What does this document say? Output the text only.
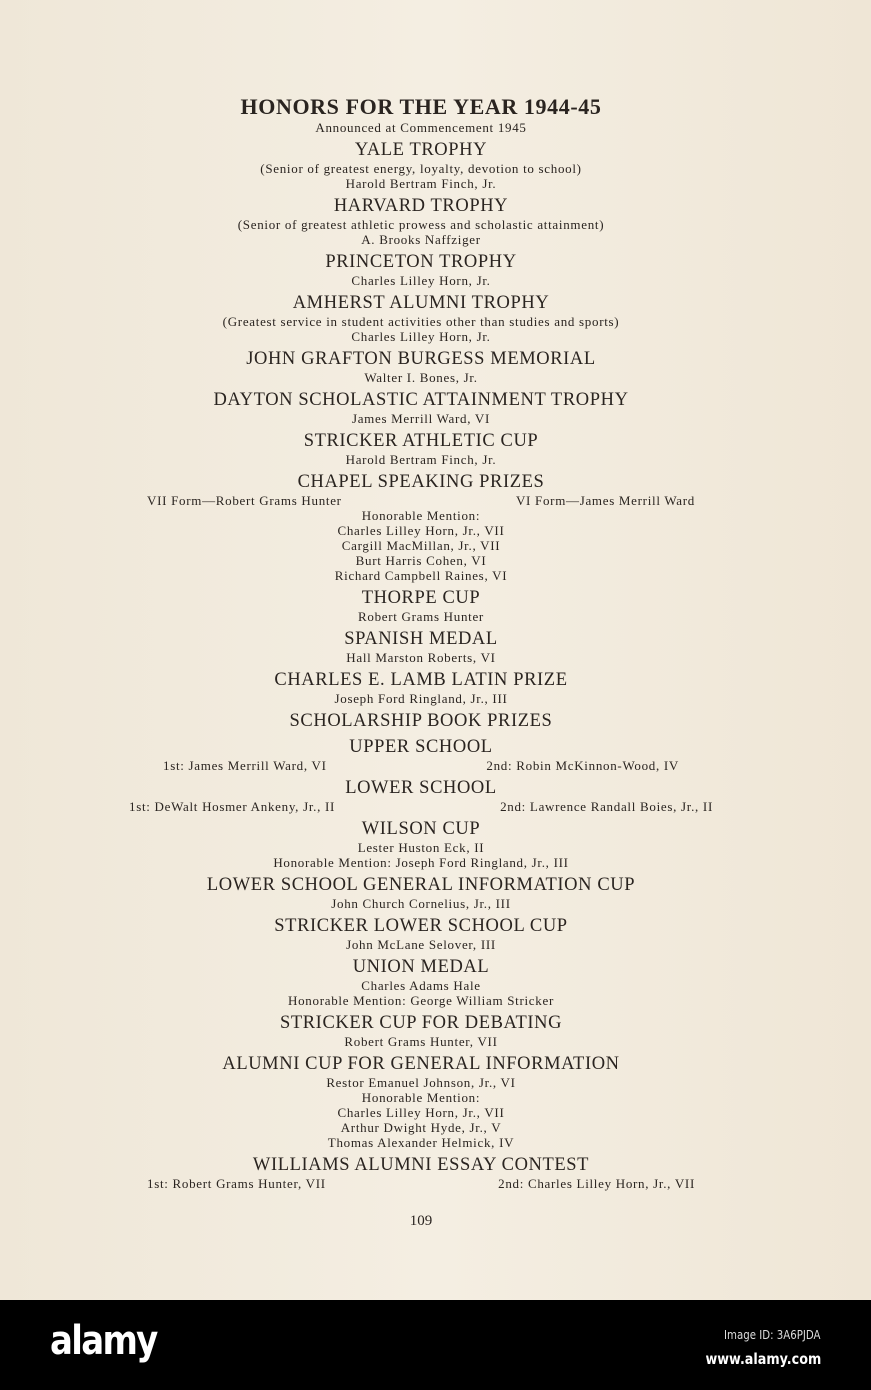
HONORS FOR THE YEAR 1944-45
Announced at Commencement 1945
YALE TROPHY
(Senior of greatest energy, loyalty, devotion to school)
Harold Bertram Finch, Jr.
HARVARD TROPHY
(Senior of greatest athletic prowess and scholastic attainment)
A. Brooks Naffziger
PRINCETON TROPHY
Charles Lilley Horn, Jr.
AMHERST ALUMNI TROPHY
(Greatest service in student activities other than studies and sports)
Charles Lilley Horn, Jr.
JOHN GRAFTON BURGESS MEMORIAL
Walter I. Bones, Jr.
DAYTON SCHOLASTIC ATTAINMENT TROPHY
James Merrill Ward, VI
STRICKER ATHLETIC CUP
Harold Bertram Finch, Jr.
CHAPEL SPEAKING PRIZES
VII Form—Robert Grams Hunter	VI Form—James Merrill Ward
Honorable Mention:
Charles Lilley Horn, Jr., VII
Cargill MacMillan, Jr., VII
Burt Harris Cohen, VI
Richard Campbell Raines, VI
THORPE CUP
Robert Grams Hunter
SPANISH MEDAL
Hall Marston Roberts, VI
CHARLES E. LAMB LATIN PRIZE
Joseph Ford Ringland, Jr., III
SCHOLARSHIP BOOK PRIZES
UPPER SCHOOL
1st: James Merrill Ward, VI	2nd: Robin McKinnon-Wood, IV
LOWER SCHOOL
1st: DeWalt Hosmer Ankeny, Jr., II	2nd: Lawrence Randall Boies, Jr., II
WILSON CUP
Lester Huston Eck, II
Honorable Mention: Joseph Ford Ringland, Jr., III
LOWER SCHOOL GENERAL INFORMATION CUP
John Church Cornelius, Jr., III
STRICKER LOWER SCHOOL CUP
John McLane Selover, III
UNION MEDAL
Charles Adams Hale
Honorable Mention: George William Stricker
STRICKER CUP FOR DEBATING
Robert Grams Hunter, VII
ALUMNI CUP FOR GENERAL INFORMATION
Restor Emanuel Johnson, Jr., VI
Honorable Mention:
Charles Lilley Horn, Jr., VII
Arthur Dwight Hyde, Jr., V
Thomas Alexander Helmick, IV
WILLIAMS ALUMNI ESSAY CONTEST
1st: Robert Grams Hunter, VII	2nd: Charles Lilley Horn, Jr., VII
109
alamy	Image ID: 3A6PJDA
www.alamy.com
